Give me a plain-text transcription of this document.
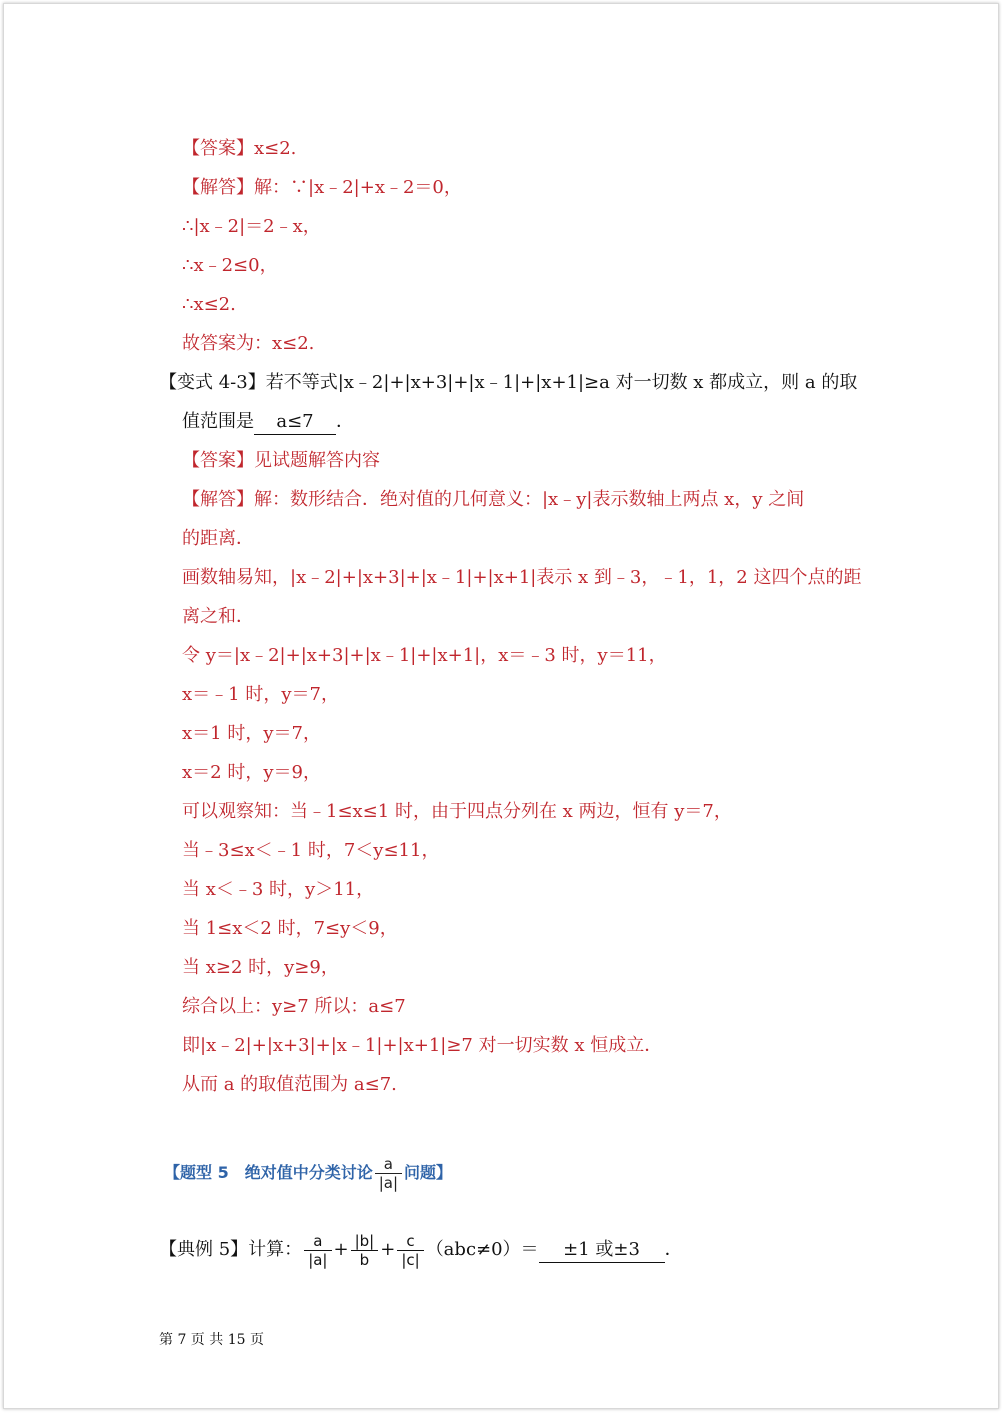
【答案】x≤2.
【解答】解：∵|x﹣2|+x﹣2＝0，
∴|x﹣2|＝2﹣x，
∴x﹣2≤0，
∴x≤2.
故答案为：x≤2.
【变式 4-3】若不等式|x﹣2|+|x+3|+|x﹣1|+|x+1|≥a 对一切数 x 都成立，则 a 的取
值范围是 a≤7 ．
【答案】见试题解答内容
【解答】解：数形结合．绝对值的几何意义：|x﹣y|表示数轴上两点 x，y 之间
的距离．
画数轴易知，|x﹣2|+|x+3|+|x﹣1|+|x+1|表示 x 到﹣3，﹣1，1，2 这四个点的距
离之和．
令 y＝|x﹣2|+|x+3|+|x﹣1|+|x+1|，x＝﹣3 时，y＝11，
x＝﹣1 时，y＝7，
x＝1 时，y＝7，
x＝2 时，y＝9，
可以观察知：当﹣1≤x≤1 时，由于四点分列在 x 两边，恒有 y＝7，
当﹣3≤x＜﹣1 时，7＜y≤11，
当 x＜﹣3 时，y＞11，
当 1≤x＜2 时，7≤y＜9，
当 x≥2 时，y≥9，
综合以上：y≥7 所以：a≤7
即|x﹣2|+|x+3|+|x﹣1|+|x+1|≥7 对一切实数 x 恒成立．
从而 a 的取值范围为 a≤7.
【题型 5　绝对值中分类讨论 $\frac{a}{|a|}$ 问题】
【典例 5】计算： $\frac{a}{|a|} + \frac{|b|}{b} + \frac{c}{|c|} (abc\ne 0)= \pm 1$ 或±3 ．
第 7 页 共 15 页
